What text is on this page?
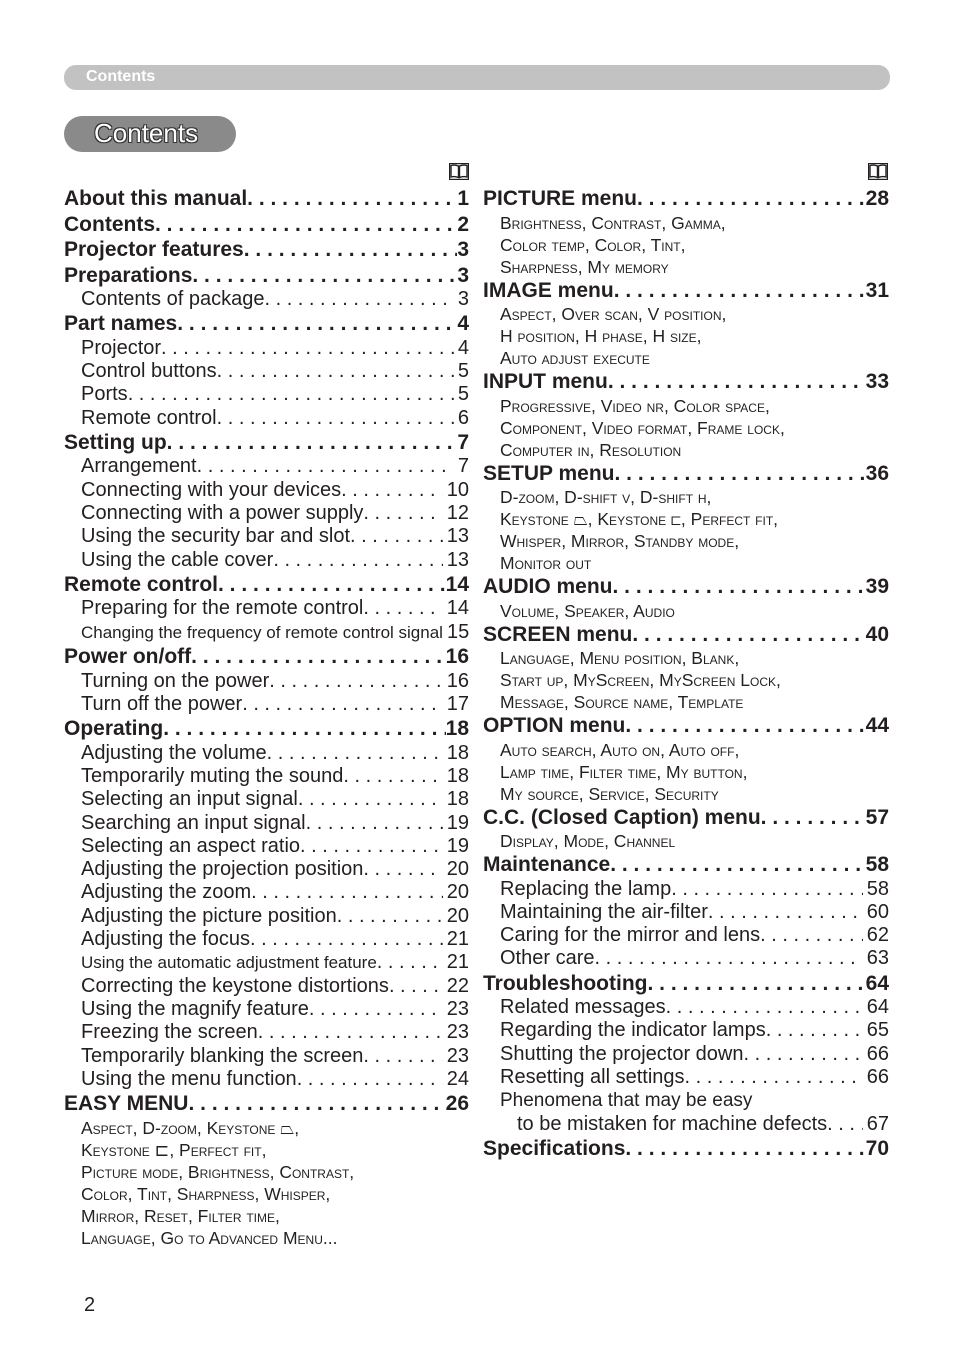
Contents
Contents
About this manual . . .	1
Contents . . .	2
Projector features . . .	3
Preparations . . .	3
Contents of package . . .	3
Part names . . .	4
Projector . . .	4
Control buttons . . .	5
Ports . . .	5
Remote control . . .	6
Setting up . . .	7
Arrangement . . .	7
Connecting with your devices . . .	10
Connecting with a power supply . . .	12
Using the security bar and slot . . .	13
Using the cable cover . . .	13
Remote control . . .	14
Preparing for the remote control . . .	14
Changing the frequency of remote control signal 15
Power on/off . . .	16
Turning on the power . . .	16
Turn off the power . . .	17
Operating . . .	18
Adjusting the volume . . .	18
Temporarily muting the sound . . .	18
Selecting an input signal . . .	18
Searching an input signal . . .	19
Selecting an aspect ratio . . .	19
Adjusting the projection position . . .	20
Adjusting the zoom . . .	20
Adjusting the picture position . . .	20
Adjusting the focus . . .	21
Using the automatic adjustment feature . . .	21
Correcting the keystone distortions . . .	22
Using the magnify feature . . .	23
Freezing the screen . . .	23
Temporarily blanking the screen . . .	23
Using the menu function . . .	24
EASY MENU . . .	26
Aspect, D-zoom, Keystone ⏢,
Keystone ⊏, Perfect fit,
Picture mode, Brightness, Contrast,
Color, Tint, Sharpness, Whisper,
Mirror, Reset, Filter time,
Language, Go to Advanced Menu...
PICTURE menu . . .	28
Brightness, Contrast, Gamma,
Color temp, Color, Tint,
Sharpness, My memory
IMAGE menu . . .	31
Aspect, Over scan, V position,
H position, H phase, H size,
Auto adjust execute
INPUT menu . . .	33
Progressive, Video nr, Color space,
Component, Video format, Frame lock,
Computer in, Resolution
SETUP menu . . .	36
D-zoom, D-shift v, D-shift h,
Keystone ⏢, Keystone ⊏, Perfect fit,
Whisper, Mirror, Standby mode,
Monitor out
AUDIO menu . . .	39
Volume, Speaker, Audio
SCREEN menu . . .	40
Language, Menu position, Blank,
Start up, MyScreen, MyScreen Lock,
Message, Source name, Template
OPTION menu . . .	44
Auto search, Auto on, Auto off,
Lamp time, Filter time, My button,
My source, Service, Security
C.C. (Closed Caption) menu . . .	57
Display, Mode, Channel
Maintenance . . .	58
Replacing the lamp . . .	58
Maintaining the air-filter . . .	60
Caring for the mirror and lens . . .	62
Other care . . .	63
Troubleshooting . . .	64
Related messages . . .	64
Regarding the indicator lamps . . .	65
Shutting the projector down . . .	66
Resetting all settings . . .	66
Phenomena that may be easy
to be mistaken for machine defects . . . 67
Specifications . . .	70
2
